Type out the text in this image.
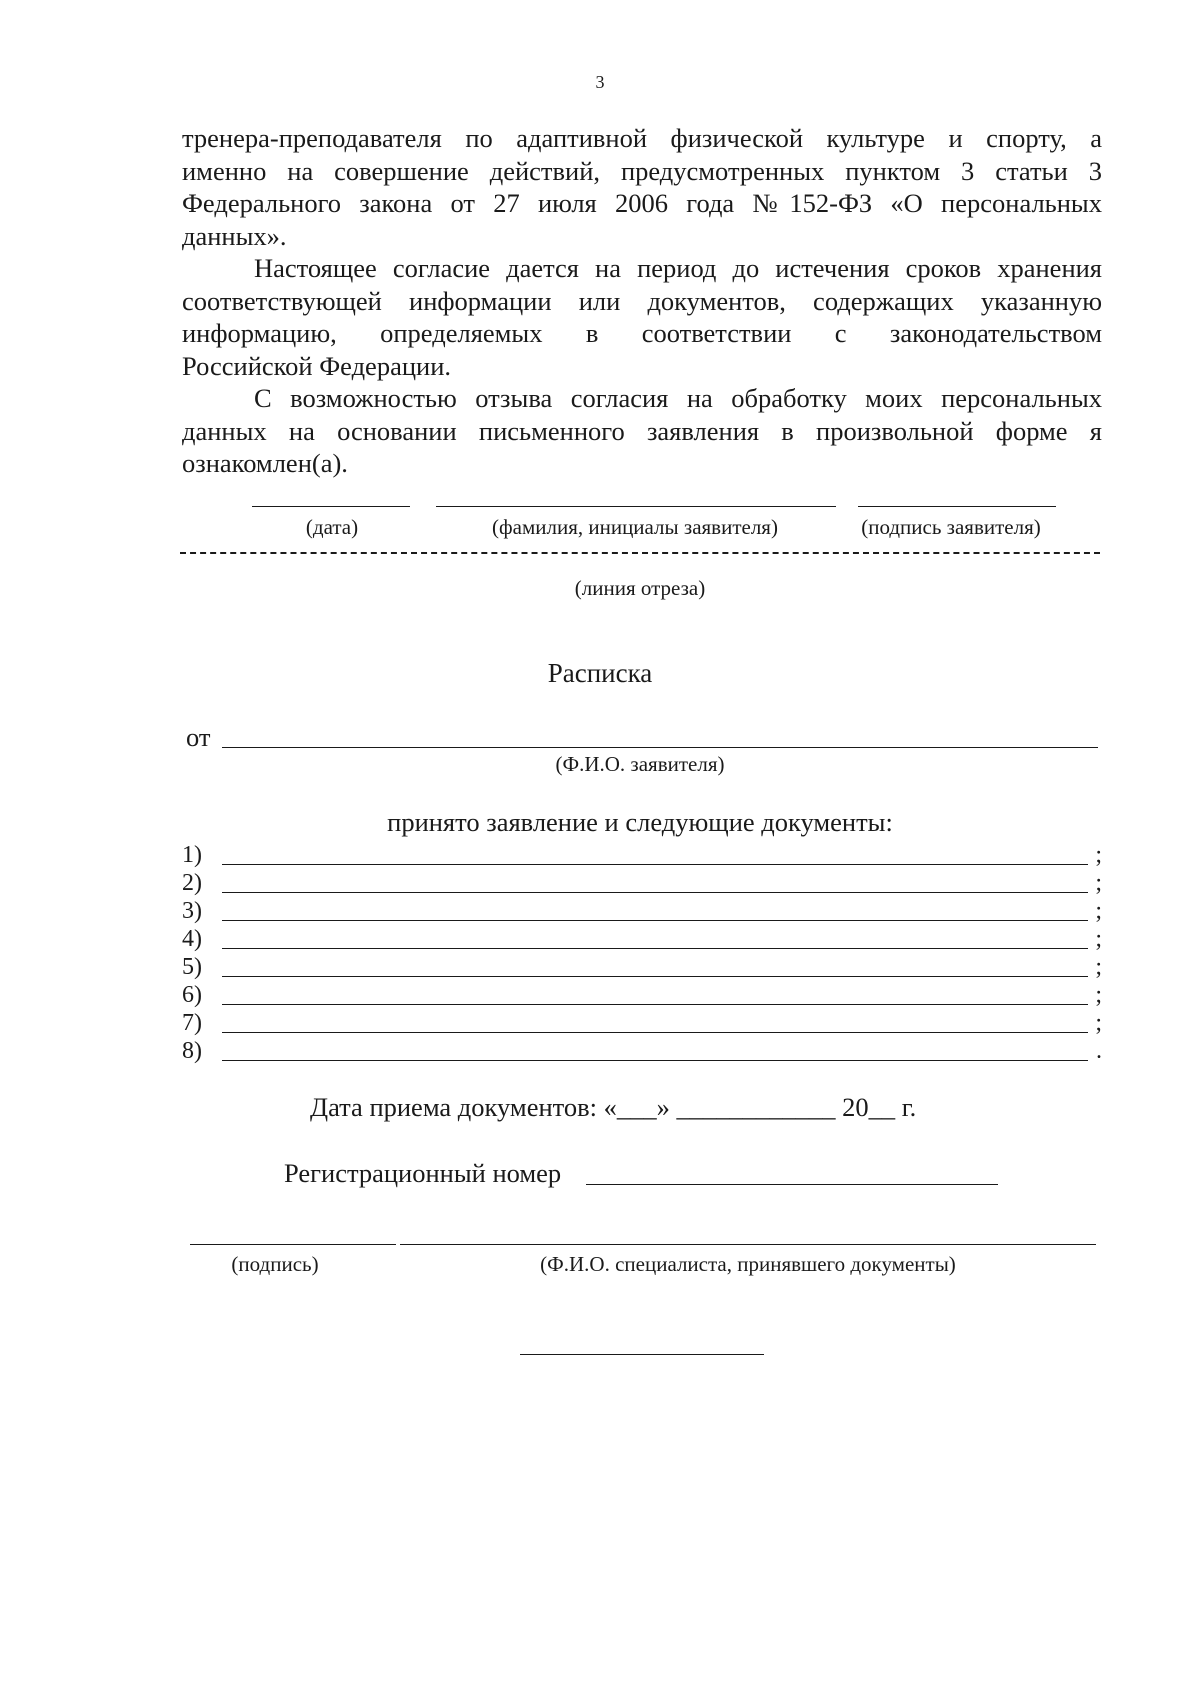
3
тренера-преподавателя по адаптивной физической культуре и спорту, а
именно на совершение действий, предусмотренных пунктом 3 статьи 3
Федерального закона от 27 июля 2006 года №152-ФЗ «О персональных
данных».
Настоящее согласие дается на период до истечения сроков хранения
соответствующей информации или документов, содержащих указанную
информацию, определяемых в соответствии с законодательством
Российской Федерации.
С возможностью отзыва согласия на обработку моих персональных
данных на основании письменного заявления в произвольной форме я
ознакомлен(а).
(дата)	(фамилия, инициалы заявителя)	(подпись заявителя)
(линия отреза)
Расписка
от
(Ф.И.О. заявителя)
принято заявление и следующие документы:
1)	;
2)	;
3)	;
4)	;
5)	;
6)	;
7)	;
8)	.
Дата приема документов: «___» ____________ 20__ г.
Регистрационный номер
(подпись)	(Ф.И.О. специалиста, принявшего документы)
